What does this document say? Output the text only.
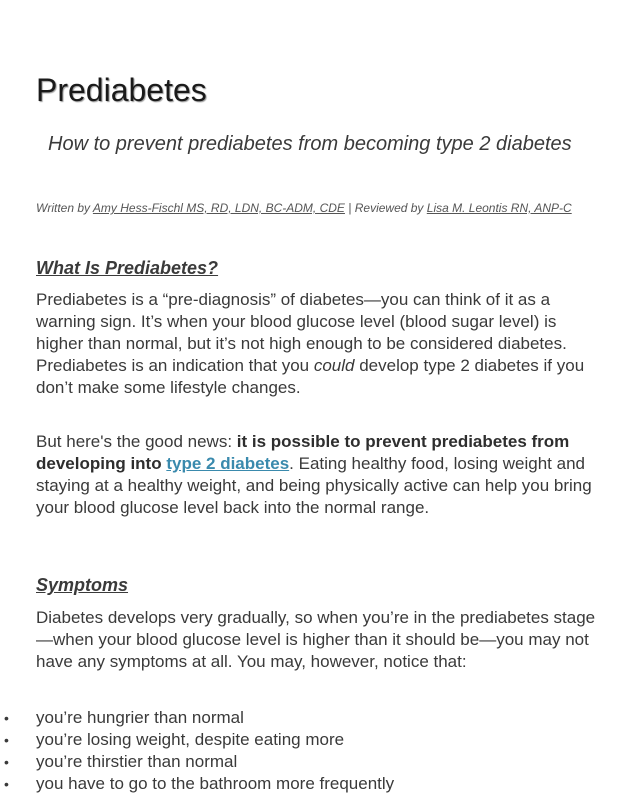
Prediabetes

How to prevent prediabetes from becoming type 2 diabetes

Written by Amy Hess-Fischl MS, RD, LDN, BC-ADM, CDE | Reviewed by Lisa M. Leontis RN, ANP-C

What Is Prediabetes?

Prediabetes is a “pre-diagnosis” of diabetes—you can think of it as a warning sign. It’s when your blood glucose level (blood sugar level) is higher than normal, but it’s not high enough to be considered diabetes. Prediabetes is an indication that you could develop type 2 diabetes if you don’t make some lifestyle changes.

But here's the good news: it is possible to prevent prediabetes from developing into type 2 diabetes. Eating healthy food, losing weight and staying at a healthy weight, and being physically active can help you bring your blood glucose level back into the normal range.

Symptoms

Diabetes develops very gradually, so when you’re in the prediabetes stage—when your blood glucose level is higher than it should be—you may not have any symptoms at all. You may, however, notice that:

• you’re hungrier than normal
• you’re losing weight, despite eating more
• you’re thirstier than normal
• you have to go to the bathroom more frequently
